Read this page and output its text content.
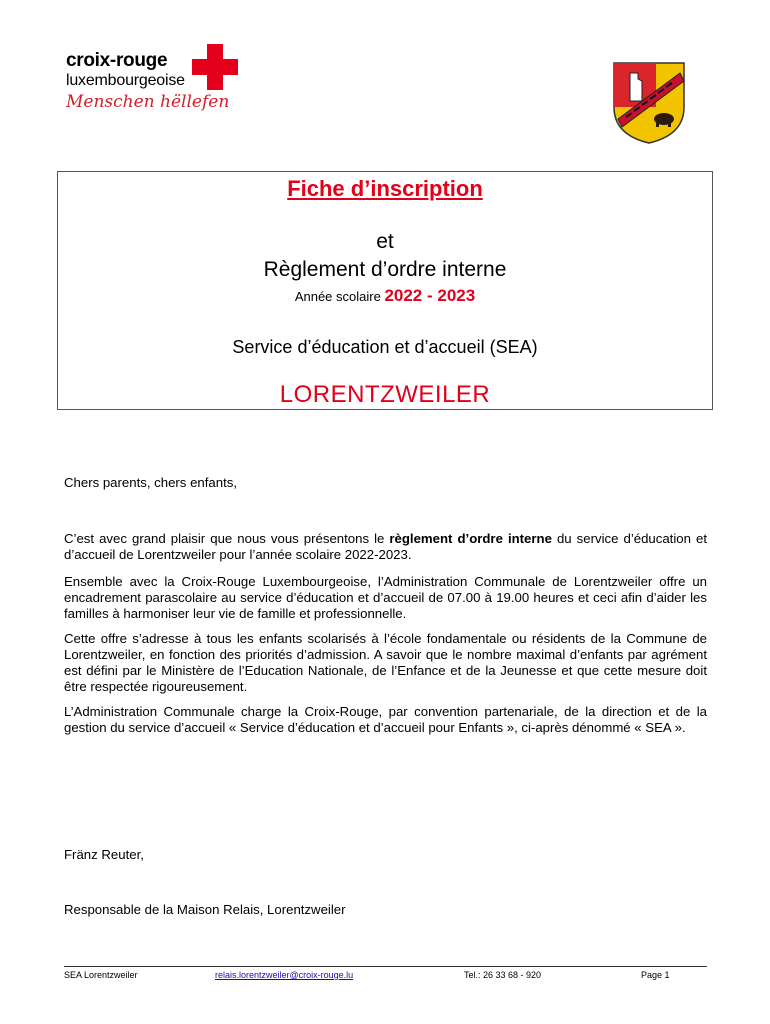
croix-rouge
luxembourgeoise
Menschen hëllefen
Fiche d’inscription
et
Règlement d’ordre interne
Année scolaire 2022 - 2023
Service d’éducation et d’accueil (SEA)
LORENTZWEILER
Chers parents, chers enfants,
C’est avec grand plaisir que nous vous présentons le règlement d’ordre interne du service d’éducation et d’accueil de Lorentzweiler pour l’année scolaire 2022-2023.
Ensemble avec la Croix-Rouge Luxembourgeoise, l’Administration Communale de Lorentzweiler offre un encadrement parascolaire au service d’éducation et d’accueil de 07.00 à 19.00 heures et ceci afin d’aider les familles à harmoniser leur vie de famille et professionnelle.
Cette offre s’adresse à tous les enfants scolarisés à l’école fondamentale ou résidents de la Commune de Lorentzweiler, en fonction des priorités d’admission. A savoir que le nombre maximal d’enfants par agrément est défini par le Ministère de l’Education Nationale, de l’Enfance et de la Jeunesse et que cette mesure doit être respectée rigoureusement.
L’Administration Communale charge la Croix-Rouge, par convention partenariale, de la direction et de la gestion du service d’accueil « Service d’éducation et d’accueil pour Enfants », ci-après dénommé « SEA ».
Fränz Reuter,
Responsable de la Maison Relais, Lorentzweiler
SEA Lorentzweiler	relais.lorentzweiler@croix-rouge.lu	Tel.: 26 33 68 - 920	Page 1
